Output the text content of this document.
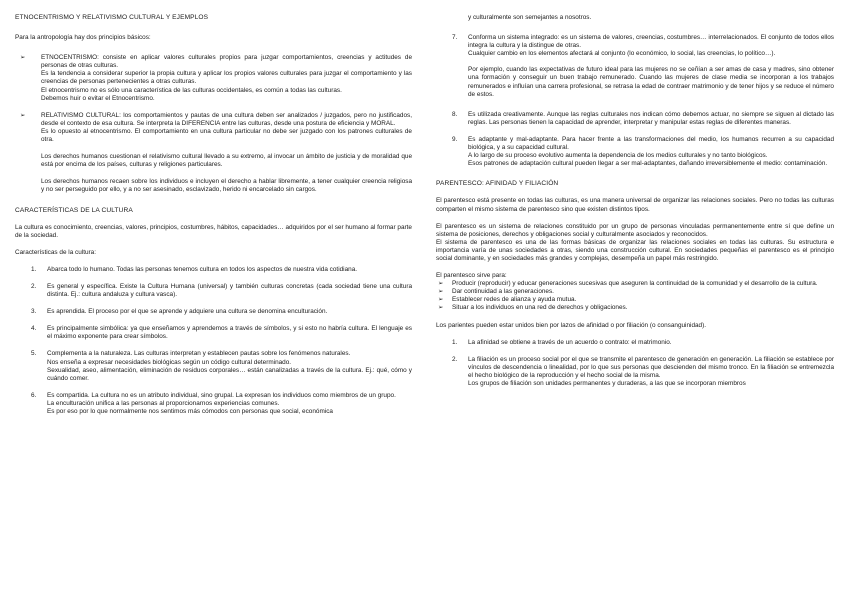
ETNOCENTRISMO Y RELATIVISMO CULTURAL Y EJEMPLOS

Para la antropología hay dos principios básicos:

➢ ETNOCENTRISMO: consiste en aplicar valores culturales propios para juzgar comportamientos, creencias y actitudes de personas de otras culturas.

Es la tendencia a considerar superior la propia cultura y aplicar los propios valores culturales para juzgar el comportamiento y las creencias de personas pertenecientes a otras culturas.

El etnocentrismo no es sólo una característica de las culturas occidentales, es común a todas las culturas.

Debemos huir o evitar el Etnocentrismo.

➢ RELATIVISMO CULTURAL: los comportamientos y pautas de una cultura deben ser analizados / juzgados, pero no justificados, desde el contexto de esa cultura. Se interpreta la DIFERENCIA entre las culturas, desde una postura de eficiencia y MORAL.

Es lo opuesto al etnocentrismo. El comportamiento en una cultura particular no debe ser juzgado con los patrones culturales de otra.

Los derechos humanos cuestionan el relativismo cultural llevado a su extremo, al invocar un ámbito de justicia y de moralidad que está por encima de los países, culturas y religiones particulares.

Los derechos humanos recaen sobre los individuos e incluyen el derecho a hablar libremente, a tener cualquier creencia religiosa y no ser perseguido por ello, y a no ser asesinado, esclavizado, herido ni encarcelado sin cargos.

CARACTERÍSTICAS DE LA CULTURA

La cultura es conocimiento, creencias, valores, principios, costumbres, hábitos, capacidades… adquiridos por el ser humano al formar parte de la sociedad.

Características de la cultura:

1. Abarca todo lo humano. Todas las personas tenemos cultura en todos los aspectos de nuestra vida cotidiana.

2. Es general y específica. Existe la Cultura Humana (universal) y también culturas concretas (cada sociedad tiene una cultura distinta. Ej.: cultura andaluza y cultura vasca).

3. Es aprendida. El proceso por el que se aprende y adquiere una cultura se denomina enculturación.

4. Es principalmente simbólica: ya que enseñamos y aprendemos a través de símbolos, y si esto no habría cultura. El lenguaje es el máximo exponente para crear símbolos.

5. Complementa a la naturaleza. Las culturas interpretan y establecen pautas sobre los fenómenos naturales.

Nos enseña a expresar necesidades biológicas según un código cultural determinado.

Sexualidad, aseo, alimentación, eliminación de residuos corporales… están canalizadas a través de la cultura. Ej.: qué, cómo y cuándo comer.

6. Es compartida. La cultura no es un atributo individual, sino grupal. La expresan los individuos como miembros de un grupo.

La enculturación unifica a las personas al proporcionarnos experiencias comunes.

Es por eso por lo que normalmente nos sentimos más cómodos con personas que social, económica

y culturalmente son semejantes a nosotros.

7. Conforma un sistema integrado: es un sistema de valores, creencias, costumbres… interrelacionados. El conjunto de todos ellos integra la cultura y la distingue de otras.

Cualquier cambio en los elementos afectará al conjunto (lo económico, lo social, las creencias, lo político…).

Por ejemplo, cuando las expectativas de futuro ideal para las mujeres no se ceñían a ser amas de casa y madres, sino obtener una formación y conseguir un buen trabajo remunerado. Cuando las mujeres de clase media se incorporan a los trabajos remunerados e influían una carrera profesional, se retrasa la edad de contraer matrimonio y de tener hijos y se reduce el número de estos.

8. Es utilizada creativamente. Aunque las reglas culturales nos indican cómo debemos actuar, no siempre se siguen al dictado las reglas. Las personas tienen la capacidad de aprender, interpretar y manipular estas reglas de diferentes maneras.

9. Es adaptante y mal-adaptante. Para hacer frente a las transformaciones del medio, los humanos recurren a su capacidad biológica, y a su capacidad cultural.

A lo largo de su proceso evolutivo aumenta la dependencia de los medios culturales y no tanto biológicos.

Esos patrones de adaptación cultural pueden llegar a ser mal-adaptantes, dañando irreversiblemente el medio: contaminación.

PARENTESCO: AFINIDAD Y FILIACIÓN

El parentesco está presente en todas las culturas, es una manera universal de organizar las relaciones sociales. Pero no todas las culturas comparten el mismo sistema de parentesco sino que existen distintos tipos.

El parentesco es un sistema de relaciones constituido por un grupo de personas vinculadas permanentemente entre sí que define un sistema de posiciones, derechos y obligaciones social y culturalmente asociados y reconocidos.

El sistema de parentesco es una de las formas básicas de organizar las relaciones sociales en todas las culturas. Su estructura e importancia varía de unas sociedades a otras, siendo una construcción cultural. En sociedades pequeñas el parentesco es el principio social dominante, y en sociedades más grandes y complejas, desempeña un papel más restringido.

El parentesco sirve para:

➢ Producir (reproducir) y educar generaciones sucesivas que aseguren la continuidad de la comunidad y el desarrollo de la cultura.

➢ Dar continuidad a las generaciones.

➢ Establecer redes de alianza y ayuda mutua.

➢ Situar a los individuos en una red de derechos y obligaciones.

Los parientes pueden estar unidos bien por lazos de afinidad o por filiación (o consanguinidad).

1. La afinidad se obtiene a través de un acuerdo o contrato: el matrimonio.

2. La filiación es un proceso social por el que se transmite el parentesco de generación en generación. La filiación se establece por vínculos de descendencia o linealidad, por lo que sus personas que descienden del mismo tronco. En la filiación se entremezcla el hecho biológico de la reproducción y el hecho social de la misma.

Los grupos de filiación son unidades permanentes y duraderas, a las que se incorporan miembros
